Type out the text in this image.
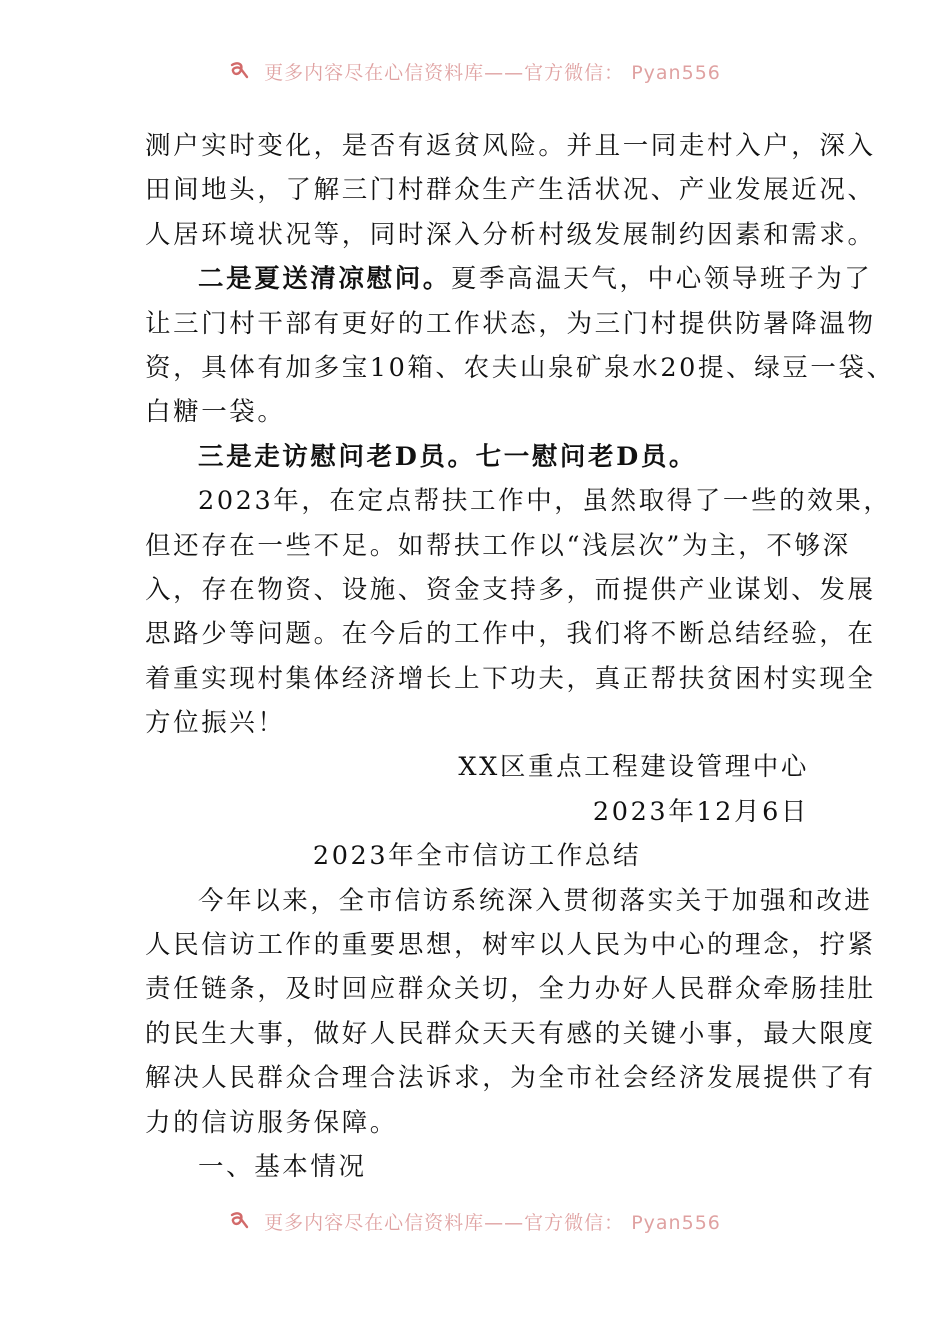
更多内容尽在心信资料库——官方微信： Pyan556

测户实时变化，是否有返贫风险。并且一同走村入户，深入

田间地头，了解三门村群众生产生活状况、产业发展近况、

人居环境状况等，同时深入分析村级发展制约因素和需求。

二是夏送清凉慰问。夏季高温天气，中心领导班子为了

让三门村干部有更好的工作状态，为三门村提供防暑降温物

资，具体有加多宝10箱、农夫山泉矿泉水20提、绿豆一袋、

白糖一袋。

三是走访慰问老D员。七一慰问老D员。

2023年，在定点帮扶工作中，虽然取得了一些的效果，

但还存在一些不足。如帮扶工作以“浅层次”为主，不够深

入，存在物资、设施、资金支持多，而提供产业谋划、发展

思路少等问题。在今后的工作中，我们将不断总结经验，在

着重实现村集体经济增长上下功夫，真正帮扶贫困村实现全

方位振兴！

XX区重点工程建设管理中心

2023年12月6日

2023年全市信访工作总结

今年以来，全市信访系统深入贯彻落实关于加强和改进

人民信访工作的重要思想，树牢以人民为中心的理念，拧紧

责任链条，及时回应群众关切，全力办好人民群众牵肠挂肚

的民生大事，做好人民群众天天有感的关键小事，最大限度

解决人民群众合理合法诉求，为全市社会经济发展提供了有

力的信访服务保障。

一、基本情况

更多内容尽在心信资料库——官方微信： Pyan556
